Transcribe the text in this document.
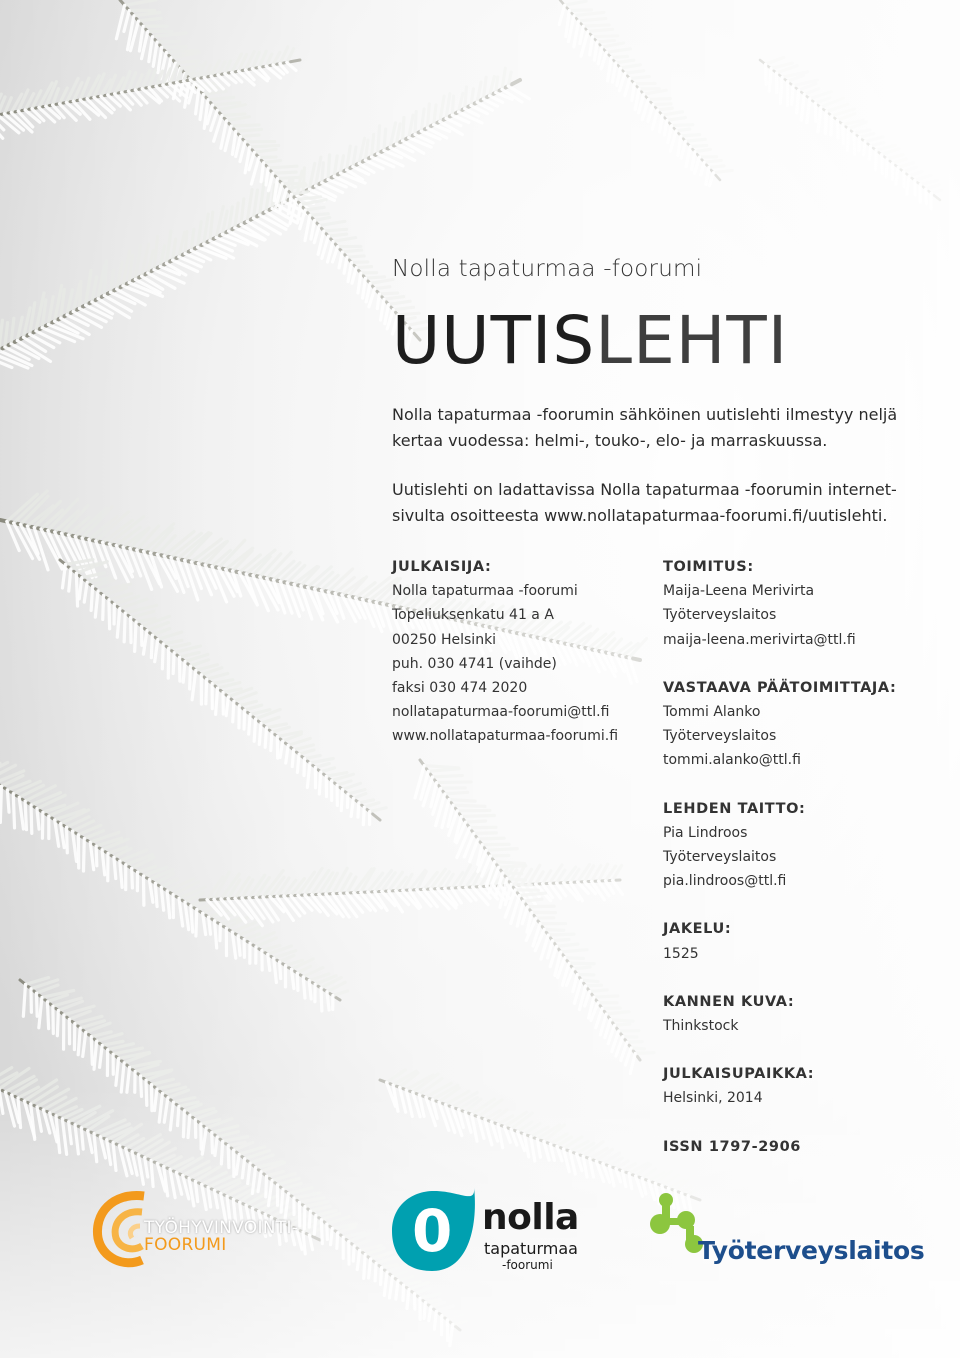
Nolla tapaturmaa -foorumi
UUTISLEHTI
Nolla tapaturmaa -foorumin sähköinen uutislehti ilmestyy neljä kertaa vuodessa: helmi-, touko-, elo- ja marraskuussa.
Uutislehti on ladattavissa Nolla tapaturmaa -foorumin internet-sivulta osoitteesta www.nollatapaturmaa-foorumi.fi/uutislehti.
JULKAISIJA:
Nolla tapaturmaa -foorumi
Topeliuksenkatu 41 a A
00250 Helsinki
puh. 030 4741 (vaihde)
faksi 030 474 2020
nollatapaturmaa-foorumi@ttl.fi
www.nollatapaturmaa-foorumi.fi
TOIMITUS:
Maija-Leena Merivirta
Työterveyslaitos
maija-leena.merivirta@ttl.fi
VASTAAVA PÄÄTOIMITTAJA:
Tommi Alanko
Työterveyslaitos
tommi.alanko@ttl.fi
LEHDEN TAITTO:
Pia Lindroos
Työterveyslaitos
pia.lindroos@ttl.fi
JAKELU:
1525
KANNEN KUVA:
Thinkstock
JULKAISUPAIKKA:
Helsinki, 2014
ISSN 1797-2906
TYÖHYVINVOINTI-
FOORUMI	0 nolla
tapaturmaa
-foorumi	Työterveyslaitos
